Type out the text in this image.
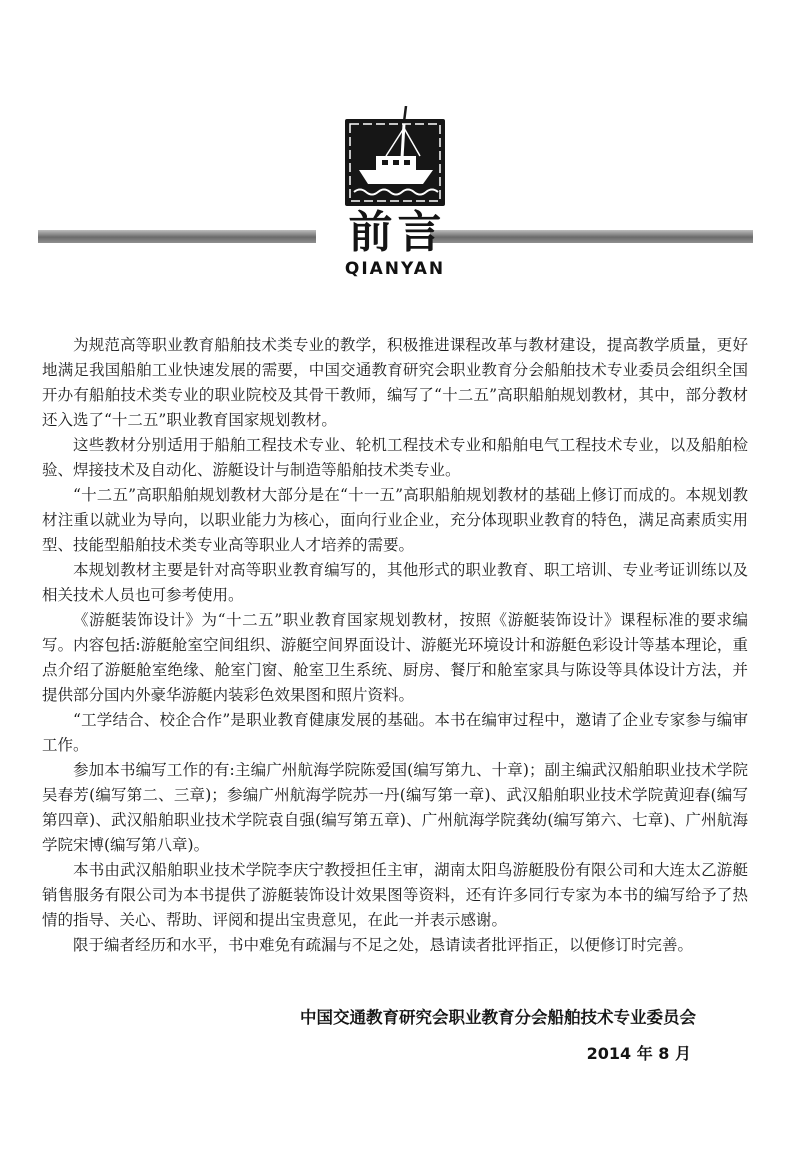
前言
QIANYAN

为规范高等职业教育船舶技术类专业的教学，积极推进课程改革与教材建设，提高教学质量，更好地满足我国船舶工业快速发展的需要，中国交通教育研究会职业教育分会船舶技术专业委员会组织全国开办有船舶技术类专业的职业院校及其骨干教师，编写了“十二五”高职船舶规划教材，其中，部分教材还入选了“十二五”职业教育国家规划教材。

这些教材分别适用于船舶工程技术专业、轮机工程技术专业和船舶电气工程技术专业，以及船舶检验、焊接技术及自动化、游艇设计与制造等船舶技术类专业。

“十二五”高职船舶规划教材大部分是在“十一五”高职船舶规划教材的基础上修订而成的。本规划教材注重以就业为导向，以职业能力为核心，面向行业企业，充分体现职业教育的特色，满足高素质实用型、技能型船舶技术类专业高等职业人才培养的需要。

本规划教材主要是针对高等职业教育编写的，其他形式的职业教育、职工培训、专业考证训练以及相关技术人员也可参考使用。

《游艇装饰设计》为“十二五”职业教育国家规划教材，按照《游艇装饰设计》课程标准的要求编写。内容包括:游艇舱室空间组织、游艇空间界面设计、游艇光环境设计和游艇色彩设计等基本理论，重点介绍了游艇舱室绝缘、舱室门窗、舱室卫生系统、厨房、餐厅和舱室家具与陈设等具体设计方法，并提供部分国内外豪华游艇内装彩色效果图和照片资料。

“工学结合、校企合作”是职业教育健康发展的基础。本书在编审过程中，邀请了企业专家参与编审工作。

参加本书编写工作的有:主编广州航海学院陈爱国(编写第九、十章)；副主编武汉船舶职业技术学院吴春芳(编写第二、三章)；参编广州航海学院苏一丹(编写第一章)、武汉船舶职业技术学院黄迎春(编写第四章)、武汉船舶职业技术学院袁自强(编写第五章)、广州航海学院龚幼(编写第六、七章)、广州航海学院宋博(编写第八章)。

本书由武汉船舶职业技术学院李庆宁教授担任主审，湖南太阳鸟游艇股份有限公司和大连太乙游艇销售服务有限公司为本书提供了游艇装饰设计效果图等资料，还有许多同行专家为本书的编写给予了热情的指导、关心、帮助、评阅和提出宝贵意见，在此一并表示感谢。

限于编者经历和水平，书中难免有疏漏与不足之处，恳请读者批评指正，以便修订时完善。

中国交通教育研究会职业教育分会船舶技术专业委员会
2014 年 8 月
